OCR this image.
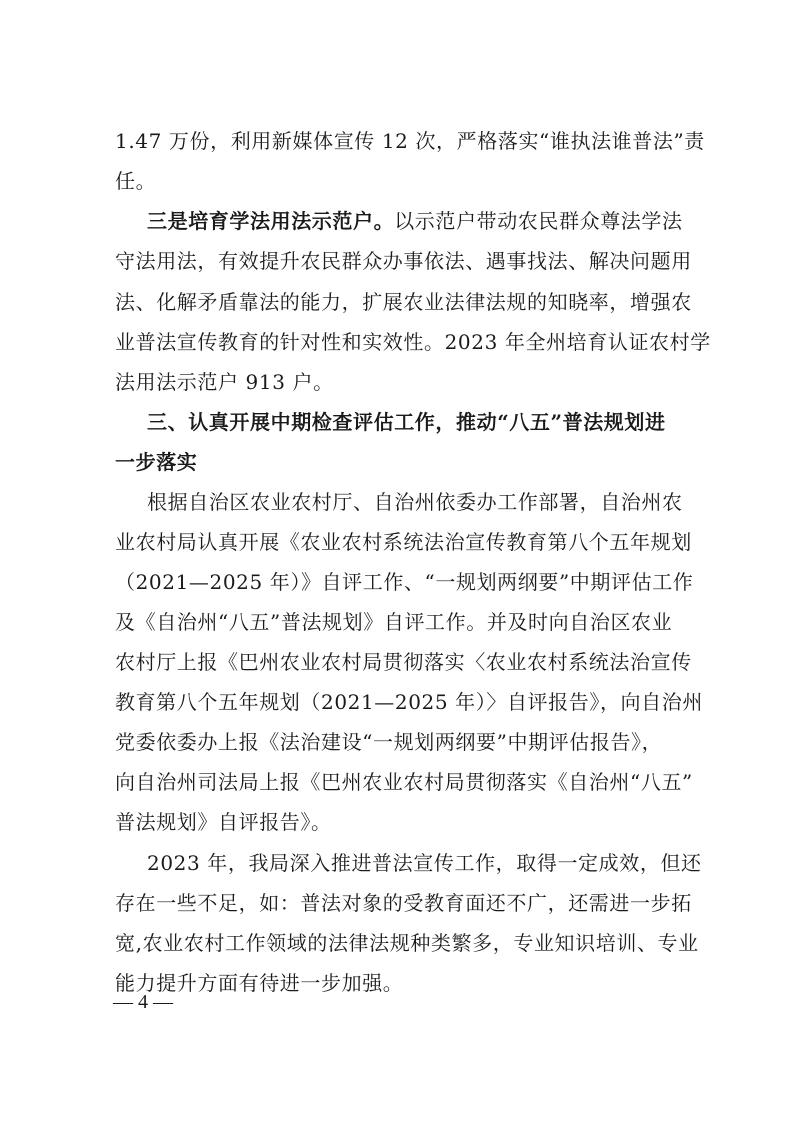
1.47 万份，利用新媒体宣传 12 次，严格落实“谁执法谁普法”责
任。
三是培育学法用法示范户。以示范户带动农民群众尊法学法
守法用法，有效提升农民群众办事依法、遇事找法、解决问题用
法、化解矛盾靠法的能力，扩展农业法律法规的知晓率，增强农
业普法宣传教育的针对性和实效性。2023 年全州培育认证农村学
法用法示范户 913 户。
三、认真开展中期检查评估工作，推动“八五”普法规划进
一步落实
根据自治区农业农村厅、自治州依委办工作部署，自治州农
业农村局认真开展《农业农村系统法治宣传教育第八个五年规划
（2021—2025 年）》自评工作、“一规划两纲要”中期评估工作
及《自治州“八五”普法规划》自评工作。并及时向自治区农业
农村厅上报《巴州农业农村局贯彻落实〈农业农村系统法治宣传
教育第八个五年规划（2021—2025 年）〉自评报告》，向自治州
党委依委办上报《法治建设“一规划两纲要”中期评估报告》，
向自治州司法局上报《巴州农业农村局贯彻落实《自治州“八五”
普法规划》自评报告》。
2023 年，我局深入推进普法宣传工作，取得一定成效，但还
存在一些不足，如：普法对象的受教育面还不广，还需进一步拓
宽,农业农村工作领域的法律法规种类繁多，专业知识培训、专业
能力提升方面有待进一步加强。
— 4 —
